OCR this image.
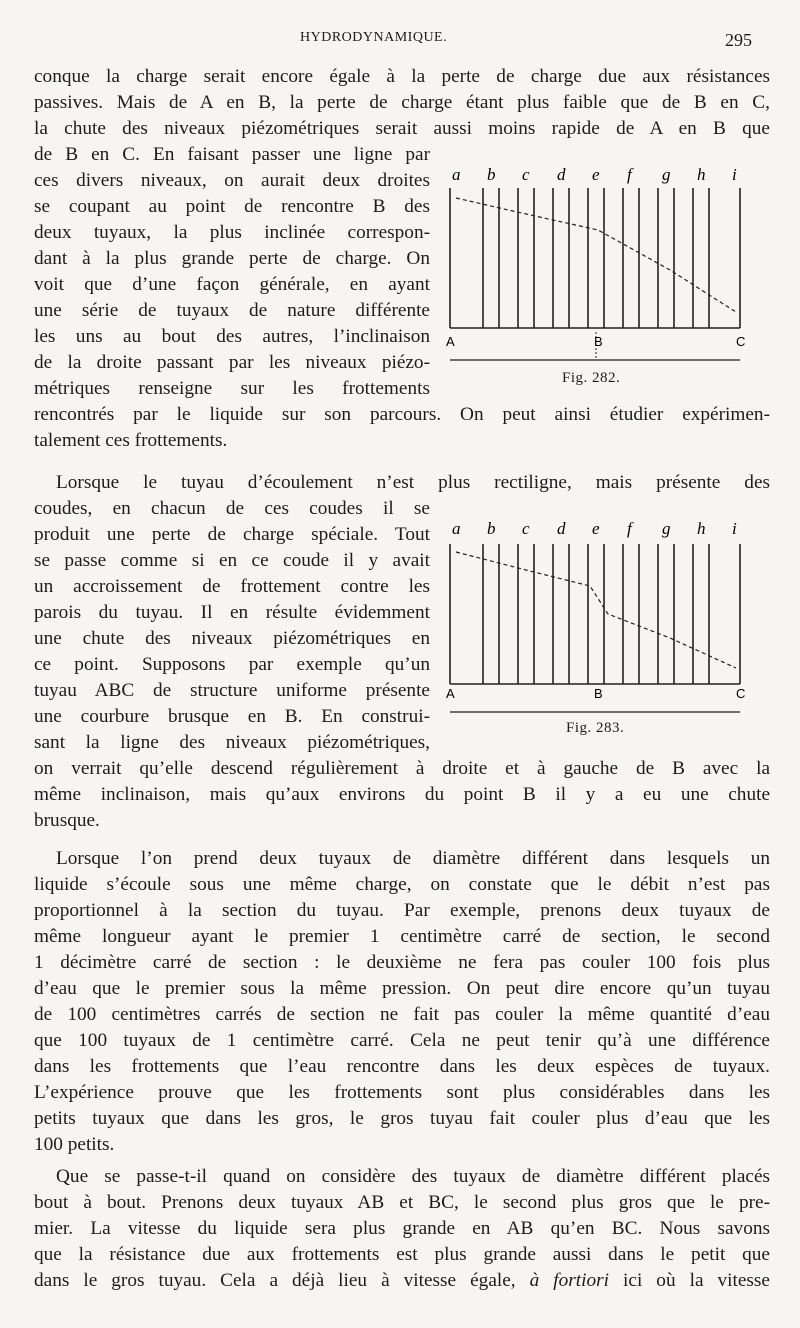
HYDRODYNAMIQUE.	295
conque la charge serait encore égale à la perte de charge due aux résistances
passives. Mais de A en B, la perte de charge étant plus faible que de B en C,
la chute des niveaux piézométriques serait aussi moins rapide de A en B que
de B en C. En faisant passer une ligne par
ces divers niveaux, on aurait deux droites
se coupant au point de rencontre B des
deux tuyaux, la plus inclinée correspon-
dant à la plus grande perte de charge. On
voit que d’une façon générale, en ayant
une série de tuyaux de nature différente
les uns au bout des autres, l’inclinaison
de la droite passant par les niveaux piézo-
métriques renseigne sur les frottements
rencontrés par le liquide sur son parcours. On peut ainsi étudier expérimen-
talement ces frottements.
a b c d e f g h i
A	B	C
Fig. 282.
Lorsque le tuyau d’écoulement n’est plus rectiligne, mais présente des
coudes, en chacun de ces coudes il se
produit une perte de charge spéciale. Tout
se passe comme si en ce coude il y avait
un accroissement de frottement contre les
parois du tuyau. Il en résulte évidemment
une chute des niveaux piézométriques en
ce point. Supposons par exemple qu’un
tuyau ABC de structure uniforme présente
une courbure brusque en B. En construi-
sant la ligne des niveaux piézométriques,
on verrait qu’elle descend régulièrement à droite et à gauche de B avec la
même inclinaison, mais qu’aux environs du point B il y a eu une chute
brusque.
a b c d e f g h i
A	B	C
Fig. 283.
Lorsque l’on prend deux tuyaux de diamètre différent dans lesquels un
liquide s’écoule sous une même charge, on constate que le débit n’est pas
proportionnel à la section du tuyau. Par exemple, prenons deux tuyaux de
même longueur ayant le premier 1 centimètre carré de section, le second
1 décimètre carré de section : le deuxième ne fera pas couler 100 fois plus
d’eau que le premier sous la même pression. On peut dire encore qu’un tuyau
de 100 centimètres carrés de section ne fait pas couler la même quantité d’eau
que 100 tuyaux de 1 centimètre carré. Cela ne peut tenir qu’à une différence
dans les frottements que l’eau rencontre dans les deux espèces de tuyaux.
L’expérience prouve que les frottements sont plus considérables dans les
petits tuyaux que dans les gros, le gros tuyau fait couler plus d’eau que les
100 petits.
Que se passe-t-il quand on considère des tuyaux de diamètre différent placés
bout à bout. Prenons deux tuyaux AB et BC, le second plus gros que le pre-
mier. La vitesse du liquide sera plus grande en AB qu’en BC. Nous savons
que la résistance due aux frottements est plus grande aussi dans le petit que
dans le gros tuyau. Cela a déjà lieu à vitesse égale, à fortiori ici où la vitesse
